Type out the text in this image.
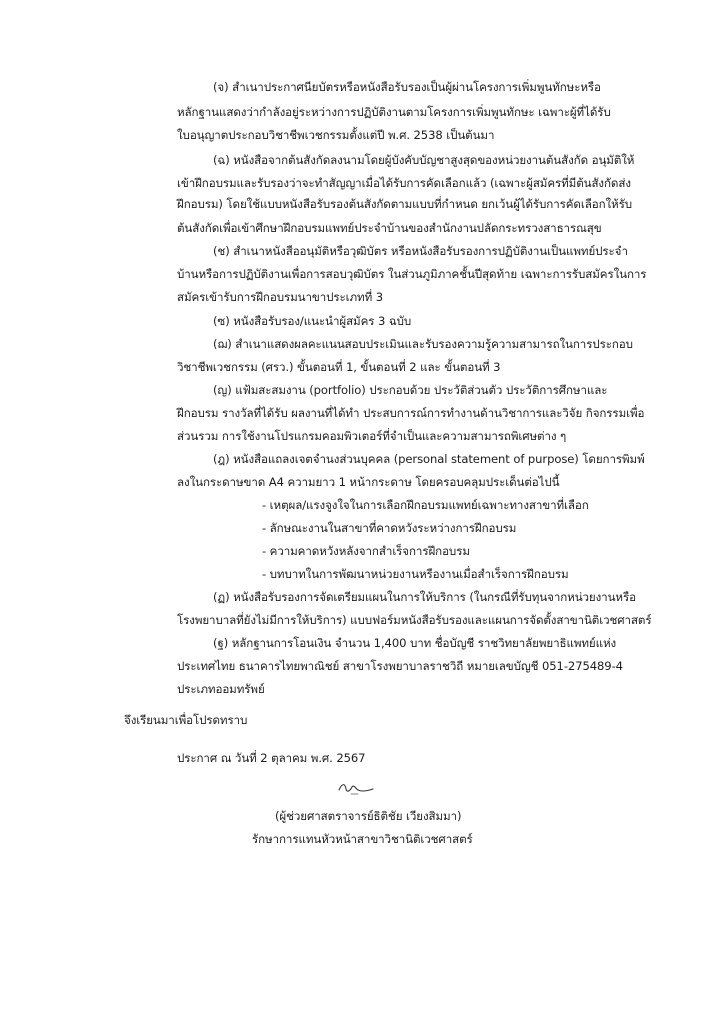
(จ) สำเนาประกาศนียบัตรหรือหนังสือรับรองเป็นผู้ผ่านโครงการเพิ่มพูนทักษะหรือ
หลักฐานแสดงว่ากำลังอยู่ระหว่างการปฏิบัติงานตามโครงการเพิ่มพูนทักษะ เฉพาะผู้ที่ได้รับ
ใบอนุญาตประกอบวิชาชีพเวชกรรมตั้งแต่ปี พ.ศ. 2538 เป็นต้นมา
(ฉ) หนังสือจากต้นสังกัดลงนามโดยผู้บังคับบัญชาสูงสุดของหน่วยงานต้นสังกัด อนุมัติให้
เข้าฝึกอบรมและรับรองว่าจะทำสัญญาเมื่อได้รับการคัดเลือกแล้ว (เฉพาะผู้สมัครที่มีต้นสังกัดส่ง
ฝึกอบรม) โดยใช้แบบหนังสือรับรองต้นสังกัดตามแบบที่กำหนด ยกเว้นผู้ได้รับการคัดเลือกให้รับ
ต้นสังกัดเพื่อเข้าศึกษาฝึกอบรมแพทย์ประจำบ้านของสำนักงานปลัดกระทรวงสาธารณสุข
(ช) สำเนาหนังสืออนุมัติหรือวุฒิบัตร หรือหนังสือรับรองการปฏิบัติงานเป็นแพทย์ประจำ
บ้านหรือการปฏิบัติงานเพื่อการสอบวุฒิบัตร ในส่วนภูมิภาคชั้นปีสุดท้าย เฉพาะการรับสมัครในการ
สมัครเข้ารับการฝึกอบรมนาขาประเภทที่ 3
(ซ) หนังสือรับรอง/แนะนำผู้สมัคร 3 ฉบับ
(ฌ) สำเนาแสดงผลคะแนนสอบประเมินและรับรองความรู้ความสามารถในการประกอบ
วิชาชีพเวชกรรม (ศรว.) ขั้นตอนที่ 1, ขั้นตอนที่ 2 และ ขั้นตอนที่ 3
(ญ) แฟ้มสะสมงาน (portfolio) ประกอบด้วย ประวัติส่วนตัว ประวัติการศึกษาและ
ฝึกอบรม รางวัลที่ได้รับ ผลงานที่ได้ทำ ประสบการณ์การทำงานด้านวิชาการและวิจัย กิจกรรมเพื่อ
ส่วนรวม การใช้งานโปรแกรมคอมพิวเตอร์ที่จำเป็นและความสามารถพิเศษต่าง ๆ
(ฎ) หนังสือแถลงเจตจำนงส่วนบุคคล (personal statement of purpose) โดยการพิมพ์
ลงในกระดาษขาด A4 ความยาว 1 หน้ากระดาษ โดยครอบคลุมประเด็นต่อไปนี้
- เหตุผล/แรงจูงใจในการเลือกฝึกอบรมแพทย์เฉพาะทางสาขาที่เลือก
- ลักษณะงานในสาขาที่คาดหวังระหว่างการฝึกอบรม
- ความคาดหวังหลังจากสำเร็จการฝึกอบรม
- บทบาทในการพัฒนาหน่วยงานหรืองานเมื่อสำเร็จการฝึกอบรม
(ฏ) หนังสือรับรองการจัดเตรียมแผนในการให้บริการ (ในกรณีที่รับทุนจากหน่วยงานหรือ
โรงพยาบาลที่ยังไม่มีการให้บริการ) แบบฟอร์มหนังสือรับรองและแผนการจัดตั้งสาขานิติเวชศาสตร์
(ฐ) หลักฐานการโอนเงิน จำนวน 1,400 บาท ชื่อบัญชี ราชวิทยาลัยพยาธิแพทย์แห่ง
ประเทศไทย ธนาคารไทยพาณิชย์ สาขาโรงพยาบาลราชวิถี หมายเลขบัญชี 051-275489-4
ประเภทออมทรัพย์
จึงเรียนมาเพื่อโปรดทราบ
ประกาศ ณ วันที่ 2 ตุลาคม พ.ศ. 2567
(ผู้ช่วยศาสตราจารย์ธิติชัย เวียงสิมมา)
รักษาการแทนหัวหน้าสาขาวิชานิติเวชศาสตร์
